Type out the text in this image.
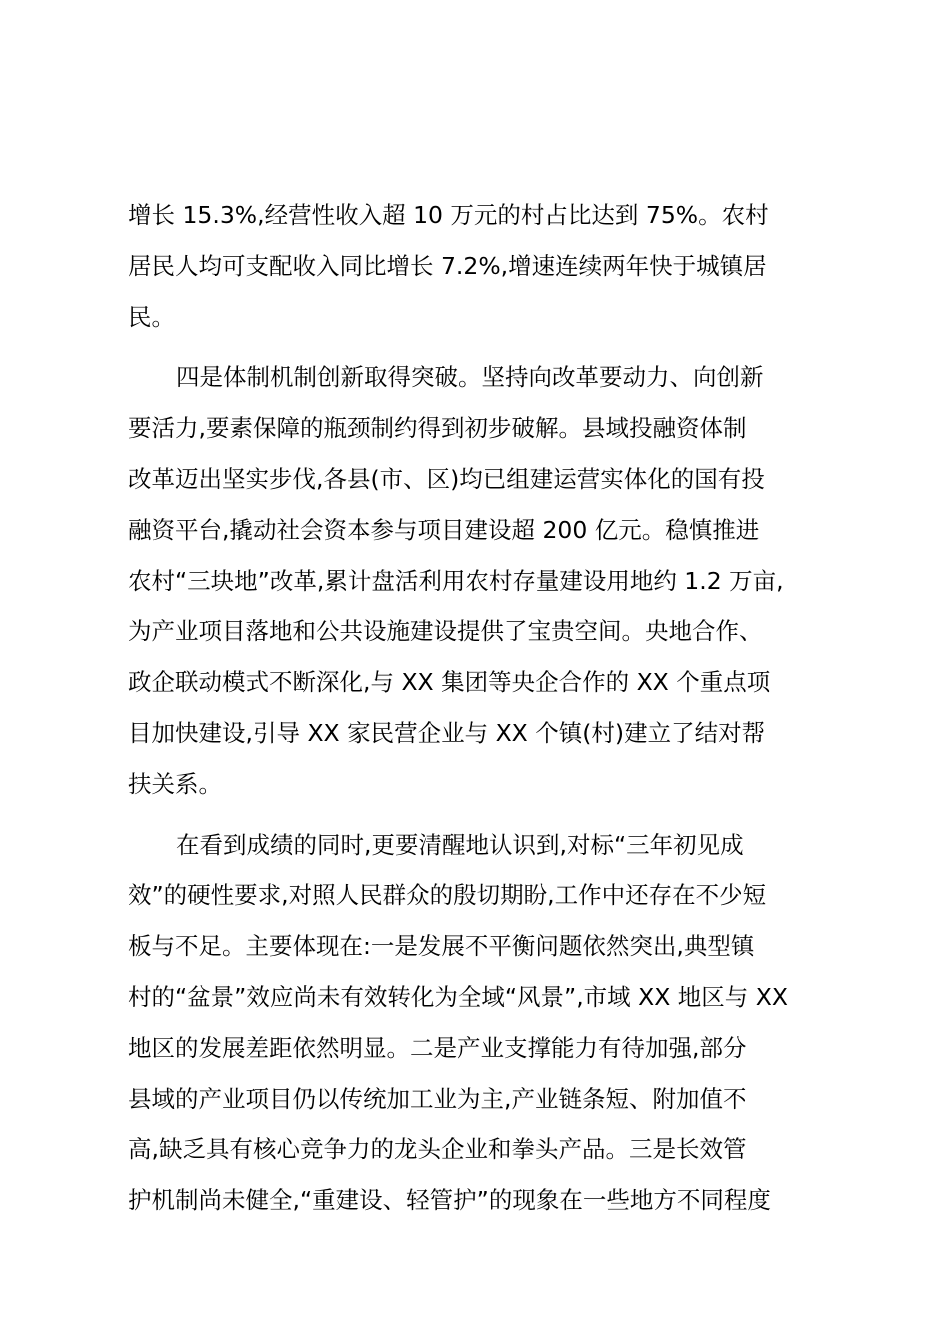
增长 15.3%,经营性收入超 10 万元的村占比达到 75%。农村
居民人均可支配收入同比增长 7.2%,增速连续两年快于城镇居
民。
四是体制机制创新取得突破。坚持向改革要动力、向创新
要活力,要素保障的瓶颈制约得到初步破解。县域投融资体制
改革迈出坚实步伐,各县(市、区)均已组建运营实体化的国有投
融资平台,撬动社会资本参与项目建设超 200 亿元。稳慎推进
农村“三块地”改革,累计盘活利用农村存量建设用地约 1.2 万亩,
为产业项目落地和公共设施建设提供了宝贵空间。央地合作、
政企联动模式不断深化,与 XX 集团等央企合作的 XX 个重点项
目加快建设,引导 XX 家民营企业与 XX 个镇(村)建立了结对帮
扶关系。
在看到成绩的同时,更要清醒地认识到,对标“三年初见成
效”的硬性要求,对照人民群众的殷切期盼,工作中还存在不少短
板与不足。主要体现在:一是发展不平衡问题依然突出,典型镇
村的“盆景”效应尚未有效转化为全域“风景”,市域 XX 地区与 XX
地区的发展差距依然明显。二是产业支撑能力有待加强,部分
县域的产业项目仍以传统加工业为主,产业链条短、附加值不
高,缺乏具有核心竞争力的龙头企业和拳头产品。三是长效管
护机制尚未健全,“重建设、轻管护”的现象在一些地方不同程度
